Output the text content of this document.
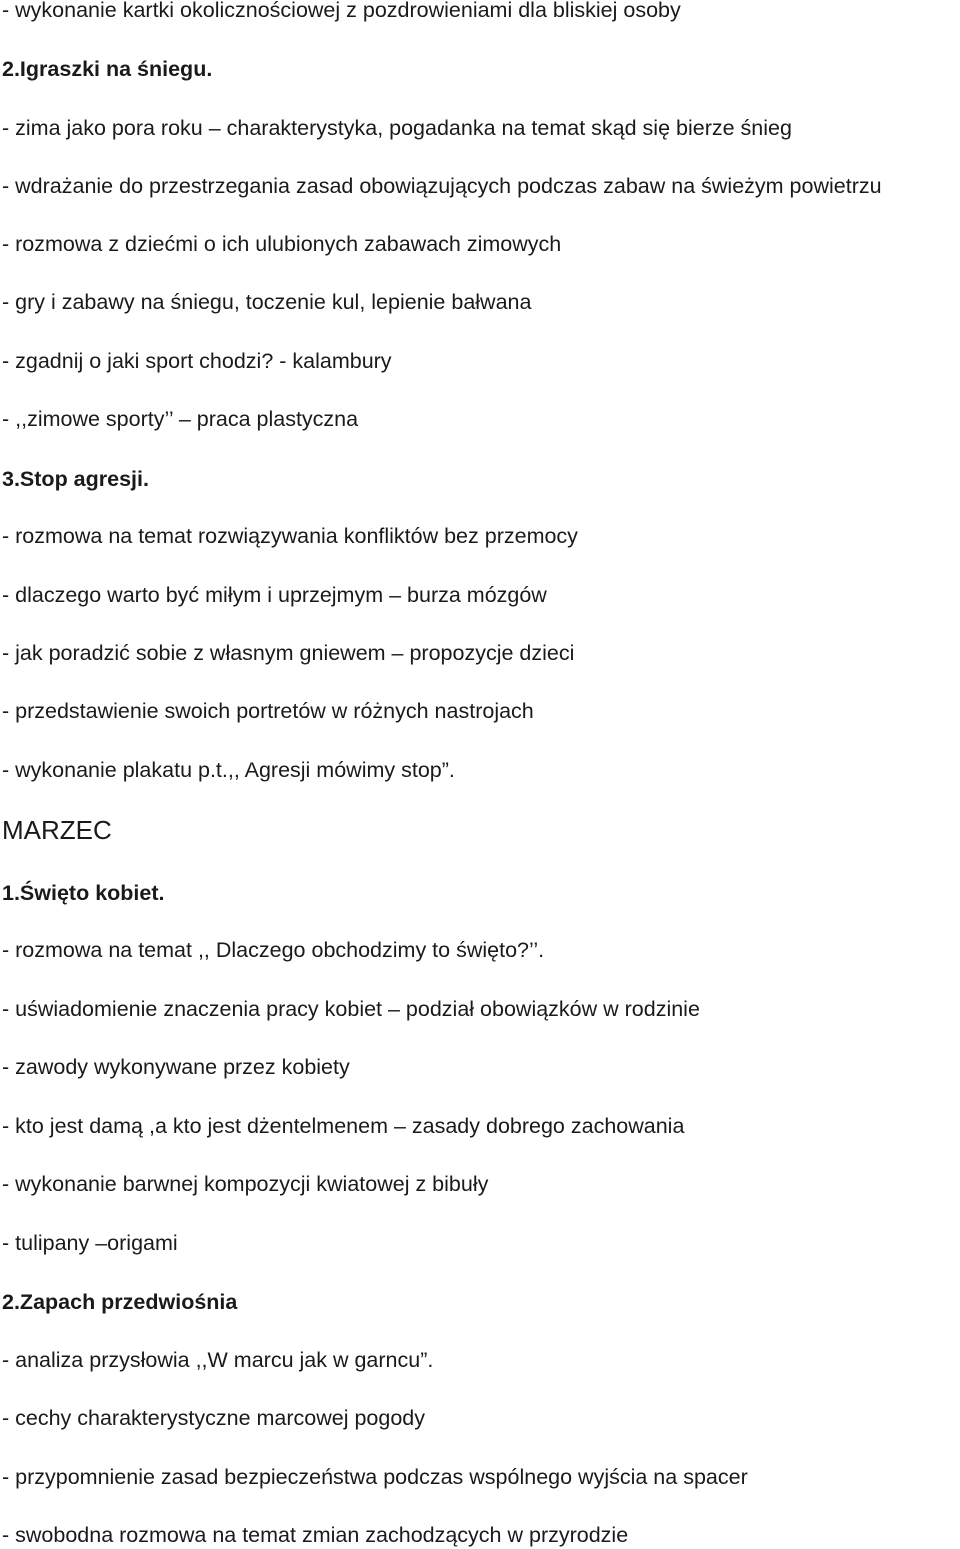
- wykonanie kartki okolicznościowej z pozdrowieniami dla bliskiej osoby
2.Igraszki na śniegu.
- zima jako pora roku – charakterystyka, pogadanka na temat skąd się bierze śnieg
- wdrażanie do przestrzegania zasad obowiązujących podczas zabaw na świeżym powietrzu
- rozmowa z dziećmi o ich ulubionych zabawach zimowych
- gry i zabawy na śniegu, toczenie kul, lepienie bałwana
- zgadnij o jaki sport chodzi? - kalambury
- ,,zimowe sporty’’ – praca plastyczna
3.Stop agresji.
- rozmowa na temat rozwiązywania konfliktów bez przemocy
- dlaczego warto być miłym i uprzejmym – burza mózgów
- jak poradzić sobie z własnym gniewem – propozycje dzieci
- przedstawienie swoich portretów w różnych nastrojach
- wykonanie plakatu p.t.,, Agresji mówimy stop”.
MARZEC
1.Święto kobiet.
- rozmowa na temat ,, Dlaczego obchodzimy to święto?’’.
- uświadomienie znaczenia pracy kobiet – podział obowiązków w rodzinie
- zawody wykonywane przez kobiety
- kto jest damą ,a kto jest dżentelmenem – zasady dobrego zachowania
- wykonanie barwnej kompozycji kwiatowej z bibuły
- tulipany –origami
2.Zapach przedwiośnia
- analiza przysłowia ,,W marcu jak w garncu”.
- cechy charakterystyczne marcowej pogody
- przypomnienie zasad bezpieczeństwa podczas wspólnego wyjścia na spacer
- swobodna rozmowa na temat zmian zachodzących w przyrodzie
